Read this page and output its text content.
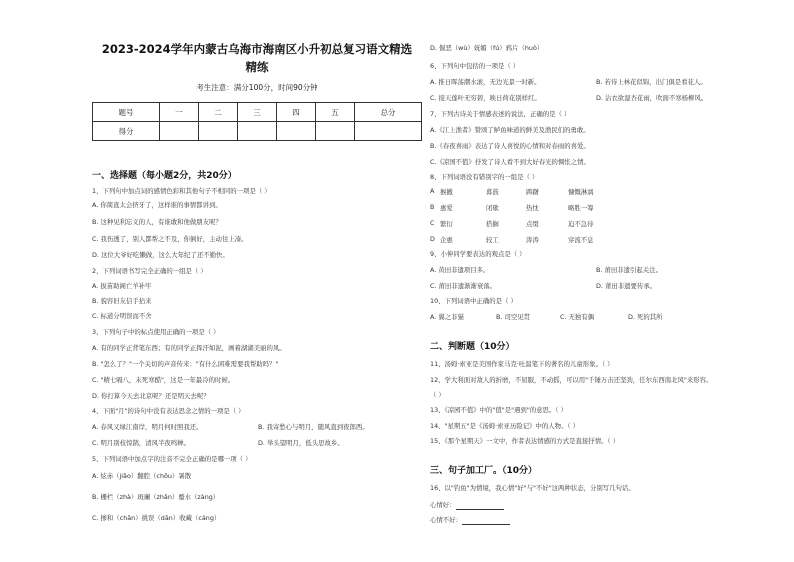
2023-2024学年内蒙古乌海市海南区小升初总复习语文精选
精练
考生注意：满分100分，时间90分钟
题号	一	二	三	四	五	总分
得分						
一、选择题（每小题2分，共20分）
1、下列句中加点词的感情色彩和其他句子不相同的一项是（ ）
A. 你简直太会挤牙了，这样谁的事情都讲到。
B. 这种见利忘义的人，有谁敢和他做朋友呢？
C. 我伤透了，别人都帮之不及，你倒好，主动往上凑。
D. 这位大爷好吃懒做，这么大年纪了还不勤快。
2、下列词语书写完全正确的一组是（ ）
A. 拔苗助阁亡羊补牢
B. 貌容旧友信手拈来
C. 标道分明误而不舍
3、下列句子中的标点使用正确的一项是（ ）
A. 有的同学正背笔东西；有的同学正挥汗如泥，画着湖湖美丽的凤。
B. "怎么了？"一个关切的声音传来："有什么困难需要我帮助吗？"
C. "精七嗝八，末死寒酷"，这是一年最冷的时候。
D. 你打算今天去北京呢？还是明天去呢？
4、下面"月"的诗句中没有表达思念之情的一项是（ ）
A. 春风又绿江南岸，明月何时照我还。	B. 我寄愁心与明月，随风直到夜郎西。
C. 明月别枝惊鹊，清风半夜鸣蝉。	D. 举头望明月，低头思故乡。
5、下列词语中加点字的注音不完全正确的是哪一项（ ）
A. 炫赤（jiǎo）翻腔（chōu）暑散
B. 栅栏（zhà）斑斓（zhǎn）蹙水（zàng）
C. 掺和（chān）挑误（dān）收藏（cáng）
D. 倔恶（wù）妩媚（fú）鸦片（huò）
6、下列句中包括的一项是（ ）
A. 推日晖荡潮水滚，无边光景一时新。	B. 若待上林花似锦，出门俱是看花人。
C. 接天莲叶无穷碧，映日荷花别样红。	D. 沾衣欲湿杏花雨，吹面不寒杨柳风。
7、下列古诗关于情感表述的说法，正确的是（ ）
A.《江上渔者》赞颂了鲈鱼味道的鲜美及渔民们的勇敢。
B.《春夜喜雨》表达了诗人喜悦的心情和对春雨的喜爱。
C.《凉国不值》抒发了诗人看不到大好春光的惆怅之情。
8、下列词语没有错别字的一组是（ ）
A 猴撤	暮鼓	踌躇	慷慨淋漓
B 惠爱	闭歇	热忱	略胜一筹
C 繁衍	搭搁	点缀	迫不急待
D 企惠	较工	涛涛	穿流不息
9、小伸同学要表达的观点是（ ）
A. 黄田非遗项目多。	B. 莆田非遗引起关注。
C. 莆田非遗渐渐衰落。	D. 莆田非遗要传承。
10、下列词语中正确的是（ ）
A. 翼之非猫	B. 司空见贯	C. 无独有偶	D. 死的其所
二、判断题（10分）
11、汤姆·索亚是美国作家马克·吐温笔下的著名的儿童形象。（ ）
12、学大利面对敌人的折磨，不屈服，不动摇，可以用"千锤万击还坚劲，任尔东西南北风"来形容。
（ ）
13、《凉园不值》中的"值"是"遇到"的意思。（ ）
14、"星期五"是《汤姆·索亚历险记》中的人物。（ ）
15、《那个星期天》一文中，作者表达情感的方式是直接抒情。（ ）
三、句子加工厂。（10分）
16、以"钓鱼"为情境，我心情"好"与"不好"这两种状态，分别写几句话。
心情好：
心情不好：
